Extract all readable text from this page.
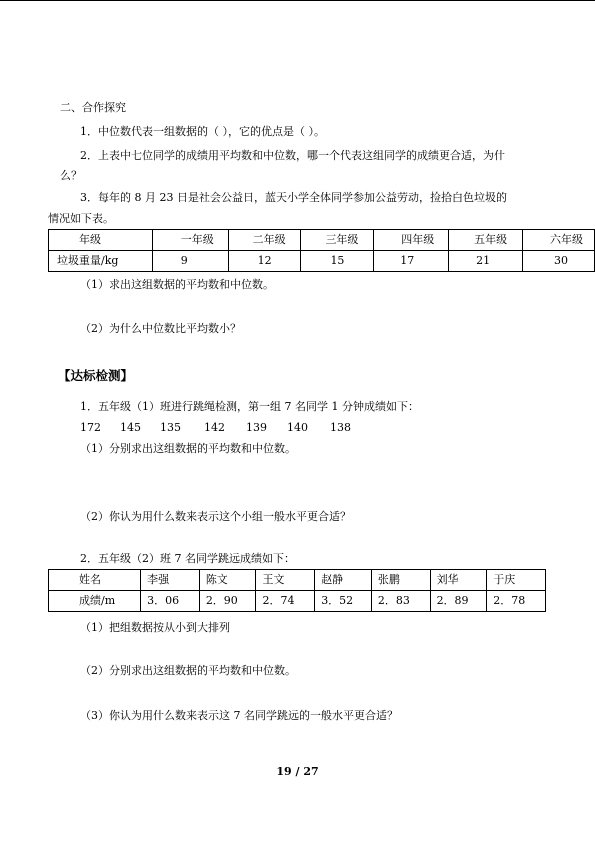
二、合作探究
1．中位数代表一组数据的（ ），它的优点是（ ）。
2．上表中七位同学的成绩用平均数和中位数，哪一个代表这组同学的成绩更合适，为什
么？
3．每年的 8 月 23 日是社会公益日，蓝天小学全体同学参加公益劳动，捡拾白色垃圾的
情况如下表。
年级	一年级	二年级	三年级	四年级	五年级	六年级
垃圾重量/kg	9	12	15	17	21	30
（1）求出这组数据的平均数和中位数。
（2）为什么中位数比平均数小？
【达标检测】
1．五年级（1）班进行跳绳检测，第一组 7 名同学 1 分钟成绩如下：
172 145 135 142 139 140 138
（1）分别求出这组数据的平均数和中位数。
（2）你认为用什么数来表示这个小组一般水平更合适？
2．五年级（2）班 7 名同学跳远成绩如下：
姓名	李强	陈文	王文	赵静	张鹏	刘华	于庆
成绩/m	3．06	2．90	2．74	3．52	2．83	2．89	2．78
（1）把组数据按从小到大排列
（2）分别求出这组数据的平均数和中位数。
（3）你认为用什么数来表示这 7 名同学跳远的一般水平更合适？
19 / 27
